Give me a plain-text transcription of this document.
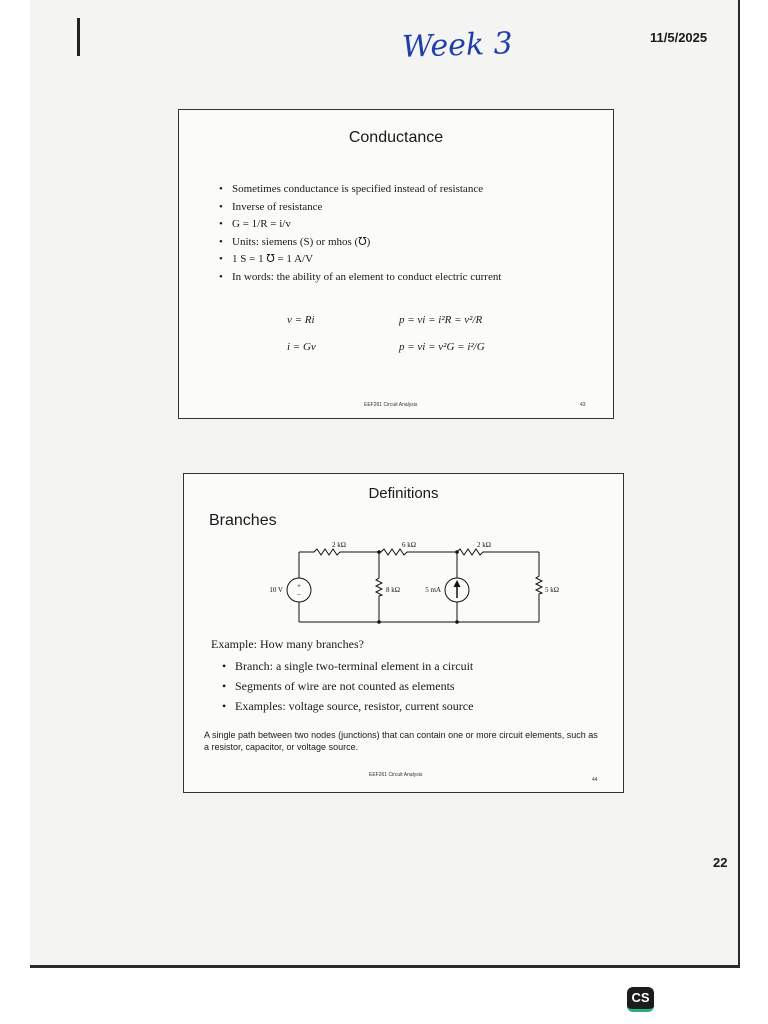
Week 3	11/5/2025
Conductance
• Sometimes conductance is specified instead of resistance
• Inverse of resistance
• G = 1/R = i/v
• Units: siemens (S) or mhos (℧)
• 1 S = 1 ℧ = 1 A/V
• In words: the ability of an element to conduct electric current
v = Ri
i = Gv
p = vi = i²R = v²/R
p = vi = v²G = i²/G
EEF261 Circuit Analysis	43
Definitions
Branches
+
−
2 kΩ	6 kΩ	2 kΩ
10 V	8 kΩ	5 mA	5 kΩ
Example: How many branches?
• Branch: a single two-terminal element in a circuit
• Segments of wire are not counted as elements
• Examples: voltage source, resistor, current source
A single path between two nodes (junctions) that can contain one or more circuit elements, such as a resistor, capacitor, or voltage source.
EEF261 Circuit Analysis
44
22
CS
